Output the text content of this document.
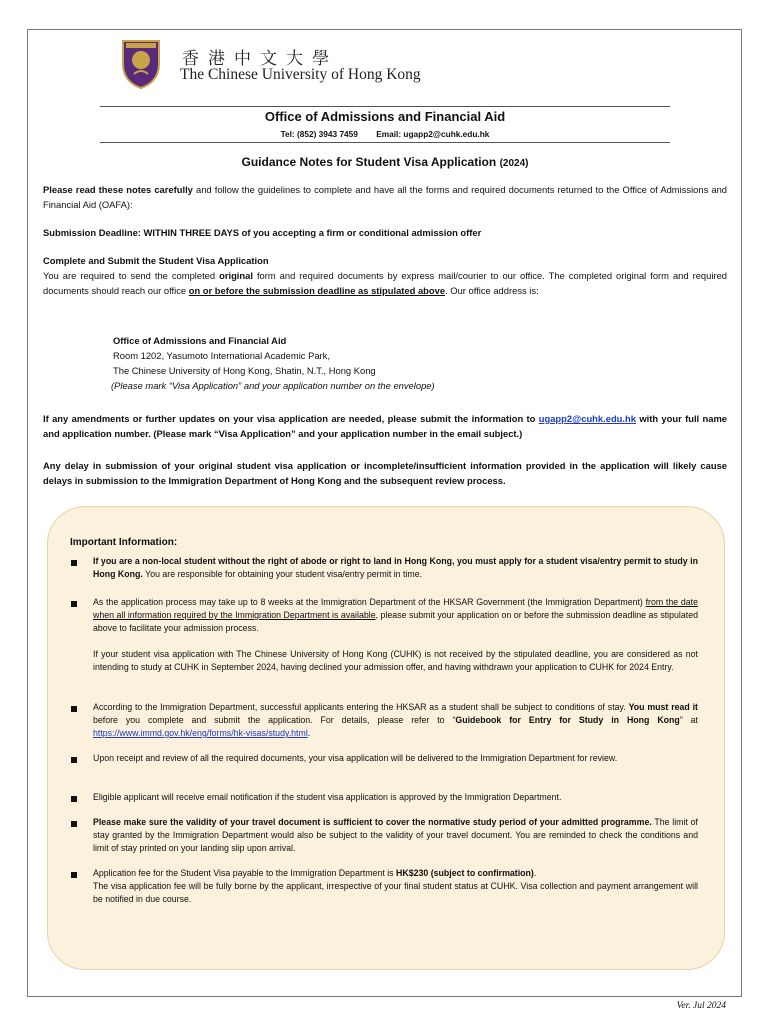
香港中文大學
The Chinese University of Hong Kong
Office of Admissions and Financial Aid
Tel: (852) 3943 7459 Email: ugapp2@cuhk.edu.hk
Guidance Notes for Student Visa Application (2024)
Please read these notes carefully and follow the guidelines to complete and have all the forms and required documents returned to the Office of Admissions and Financial Aid (OAFA):
Submission Deadline: WITHIN THREE DAYS of you accepting a firm or conditional admission offer
Complete and Submit the Student Visa Application
You are required to send the completed original form and required documents by express mail/courier to our office. The completed original form and required documents should reach our office on or before the submission deadline as stipulated above. Our office address is:
Office of Admissions and Financial Aid
Room 1202, Yasumoto International Academic Park,
The Chinese University of Hong Kong, Shatin, N.T., Hong Kong
(Please mark “Visa Application” and your application number on the envelope)
If any amendments or further updates on your visa application are needed, please submit the information to ugapp2@cuhk.edu.hk with your full name and application number. (Please mark “Visa Application” and your application number in the email subject.)
Any delay in submission of your original student visa application or incomplete/insufficient information provided in the application will likely cause delays in submission to the Immigration Department of Hong Kong and the subsequent review process.
Important Information:
If you are a non-local student without the right of abode or right to land in Hong Kong, you must apply for a student visa/entry permit to study in Hong Kong. You are responsible for obtaining your student visa/entry permit in time.
As the application process may take up to 8 weeks at the Immigration Department of the HKSAR Government (the Immigration Department) from the date when all information required by the Immigration Department is available, please submit your application on or before the submission deadline as stipulated above to facilitate your admission process.
If your student visa application with The Chinese University of Hong Kong (CUHK) is not received by the stipulated deadline, you are considered as not intending to study at CUHK in September 2024, having declined your admission offer, and having withdrawn your application to CUHK for 2024 Entry.
According to the Immigration Department, successful applicants entering the HKSAR as a student shall be subject to conditions of stay. You must read it before you complete and submit the application. For details, please refer to “Guidebook for Entry for Study in Hong Kong” at https://www.immd.gov.hk/eng/forms/hk-visas/study.html.
Upon receipt and review of all the required documents, your visa application will be delivered to the Immigration Department for review.
Eligible applicant will receive email notification if the student visa application is approved by the Immigration Department.
Please make sure the validity of your travel document is sufficient to cover the normative study period of your admitted programme. The limit of stay granted by the Immigration Department would also be subject to the validity of your travel document. You are reminded to check the conditions and limit of stay printed on your landing slip upon arrival.
Application fee for the Student Visa payable to the Immigration Department is HK$230 (subject to confirmation).
The visa application fee will be fully borne by the applicant, irrespective of your final student status at CUHK. Visa collection and payment arrangement will be notified in due course.
Ver. Jul 2024
